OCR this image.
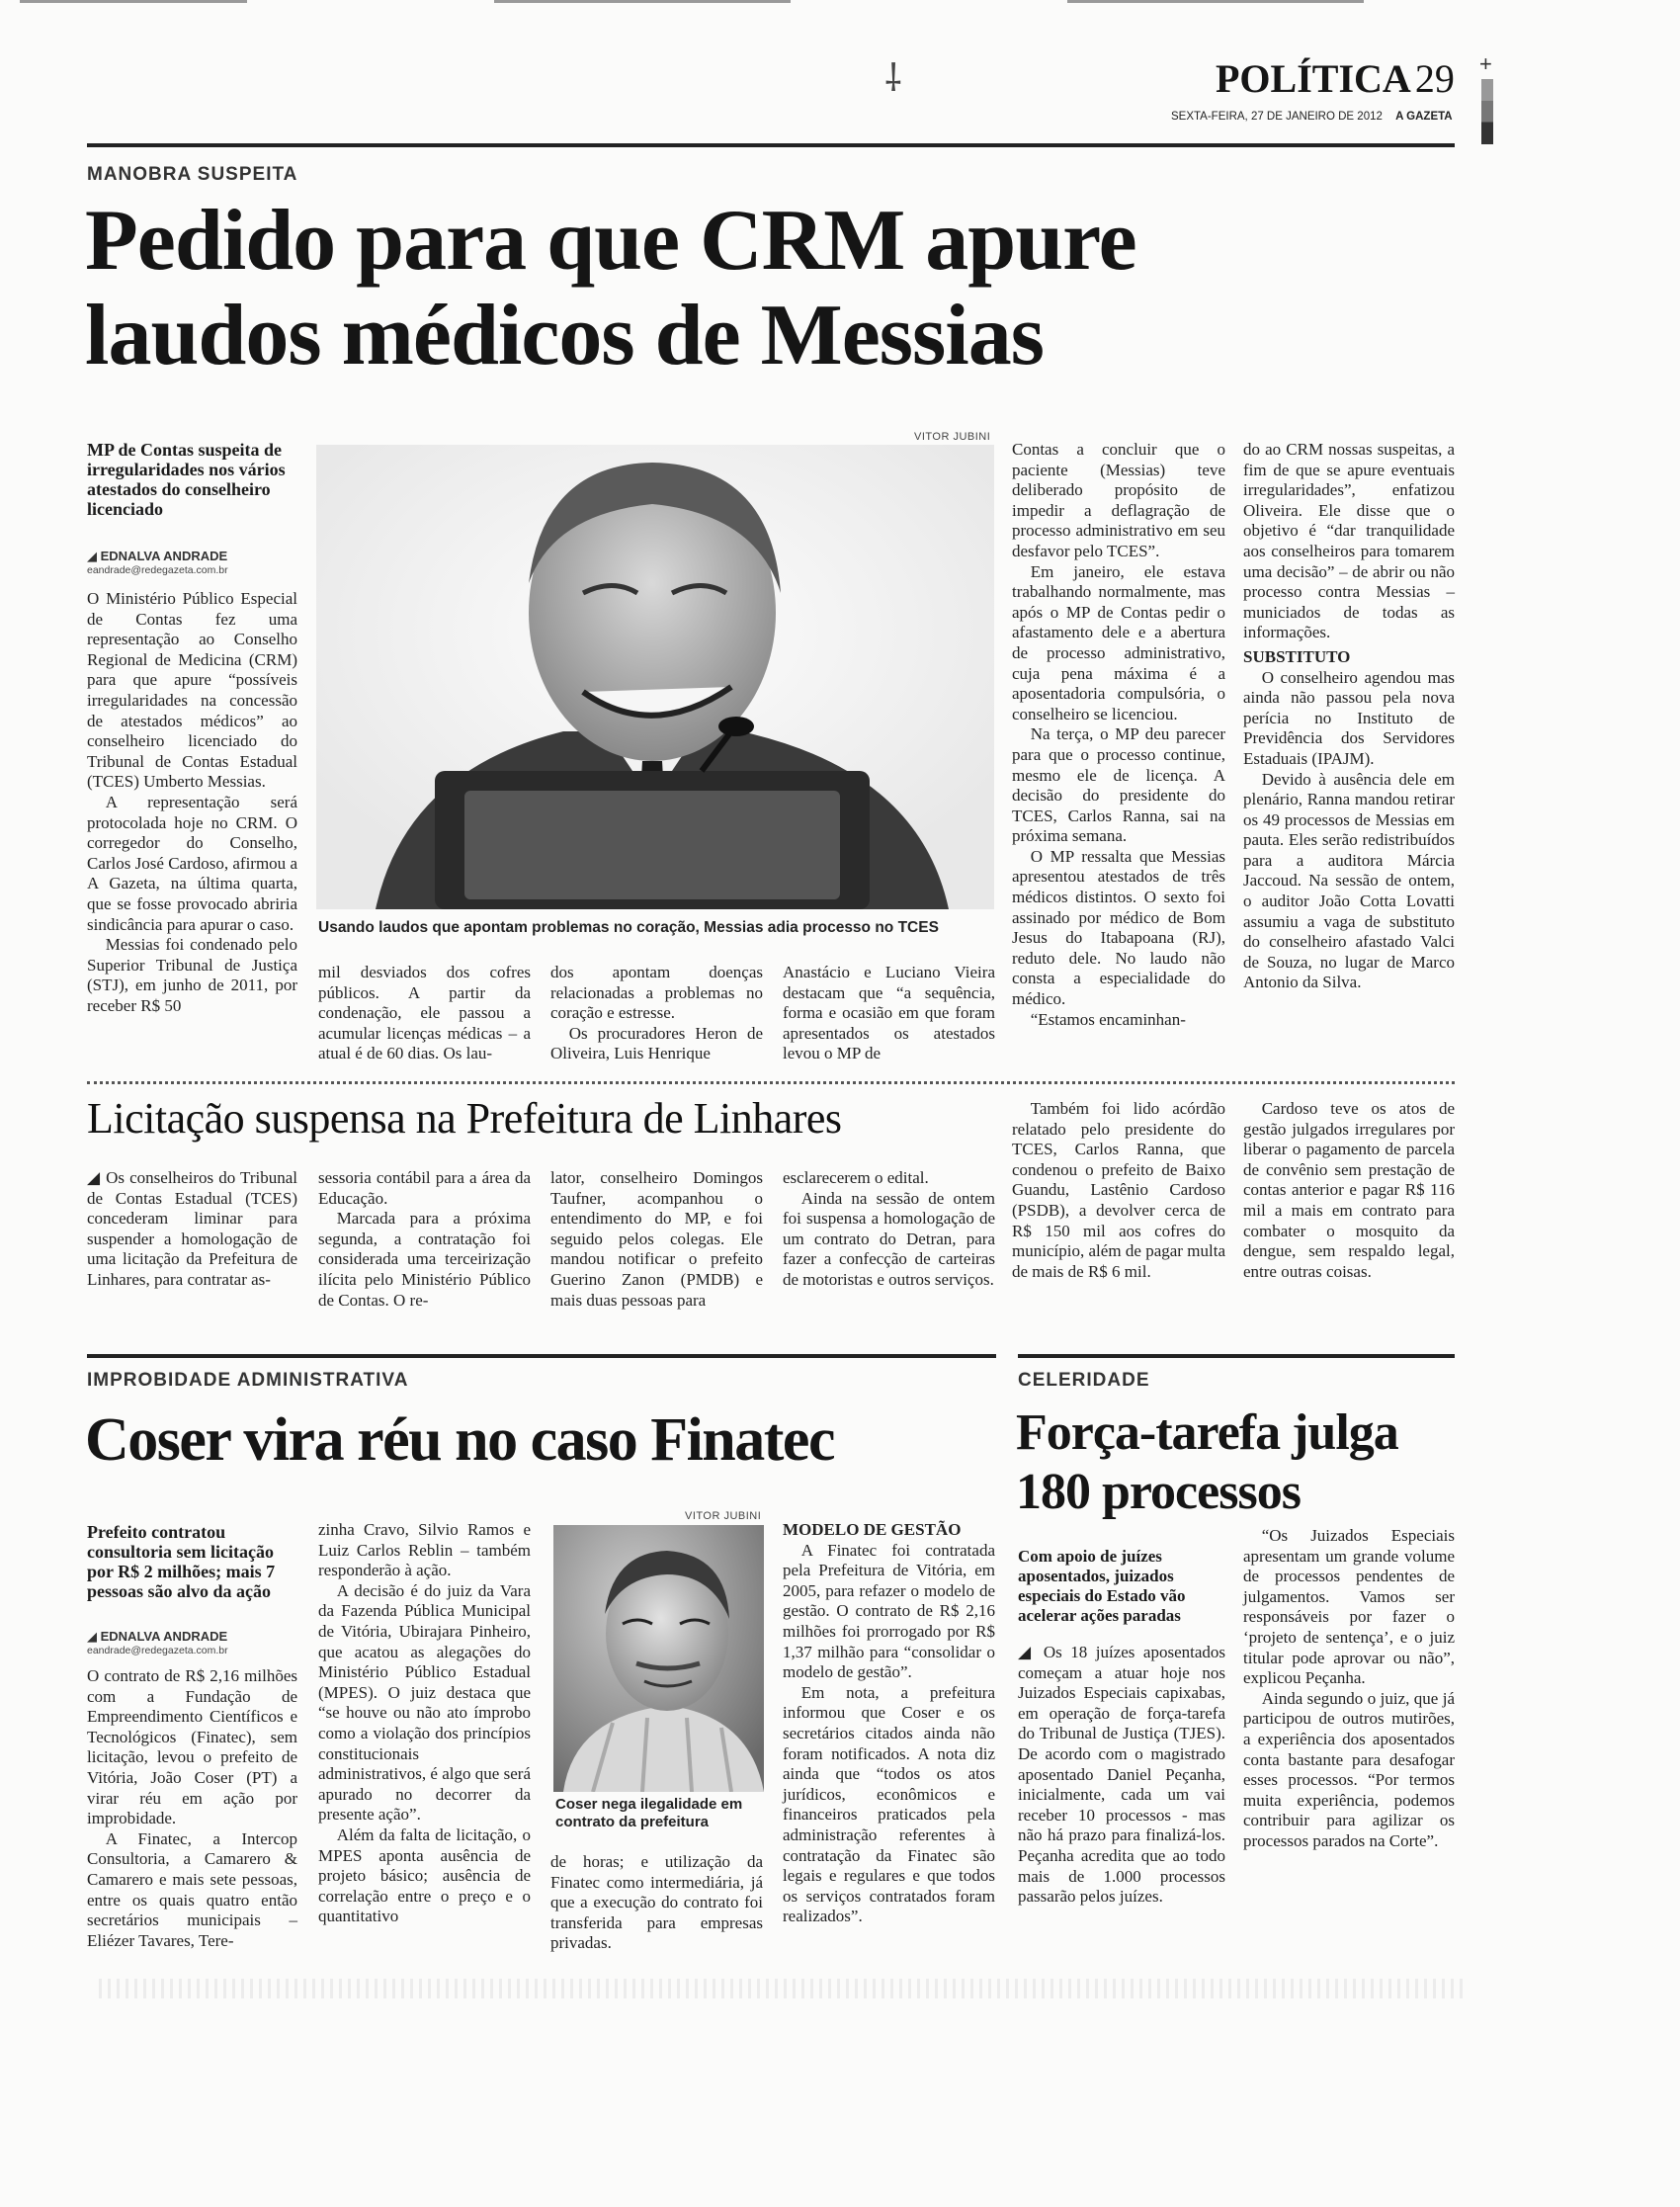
⸸	POLÍTICA 29
SEXTA-FEIRA, 27 DE JANEIRO DE 2012 A GAZETA
+
MANOBRA SUSPEITA
Pedido para que CRM apure laudos médicos de Messias
MP de Contas suspeita de irregularidades nos vários atestados do conselheiro licenciado
◢ EDNALVA ANDRADE
eandrade@redegazeta.com.br

O Ministério Público Especial de Contas fez uma representação ao Conselho Regional de Medicina (CRM) para que apure “possíveis irregularidades na concessão de atestados médicos” ao conselheiro licenciado do Tribunal de Contas Estadual (TCES) Umberto Messias.

A representação será protocolada hoje no CRM. O corregedor do Conselho, Carlos José Cardoso, afirmou a A Gazeta, na última quarta, que se fosse provocado abriria sindicância para apurar o caso.

Messias foi condenado pelo Superior Tribunal de Justiça (STJ), em junho de 2011, por receber R$ 50

VITOR JUBINI
Usando laudos que apontam problemas no coração, Messias adia processo no TCES

mil desviados dos cofres públicos. A partir da condenação, ele passou a acumular licenças médicas – a atual é de 60 dias. Os lau-

dos apontam doenças relacionadas a problemas no coração e estresse.

Os procuradores Heron de Oliveira, Luis Henrique

Anastácio e Luciano Vieira destacam que “a sequência, forma e ocasião em que foram apresentados os atestados levou o MP de

Contas a concluir que o paciente (Messias) teve deliberado propósito de impedir a deflagração de processo administrativo em seu desfavor pelo TCES”.

Em janeiro, ele estava trabalhando normalmente, mas após o MP de Contas pedir o afastamento dele e a abertura de processo administrativo, cuja pena máxima é a aposentadoria compulsória, o conselheiro se licenciou.

Na terça, o MP deu parecer para que o processo continue, mesmo ele de licença. A decisão do presidente do TCES, Carlos Ranna, sai na próxima semana.

O MP ressalta que Messias apresentou atestados de três médicos distintos. O sexto foi assinado por médico de Bom Jesus do Itabapoana (RJ), reduto dele. No laudo não consta a especialidade do médico.

“Estamos encaminhan-

do ao CRM nossas suspeitas, a fim de que se apure eventuais irregularidades”, enfatizou Oliveira. Ele disse que o objetivo é “dar tranquilidade aos conselheiros para tomarem uma decisão” – de abrir ou não processo contra Messias – municiados de todas as informações.

SUBSTITUTO

O conselheiro agendou mas ainda não passou pela nova perícia no Instituto de Previdência dos Servidores Estaduais (IPAJM).

Devido à ausência dele em plenário, Ranna mandou retirar os 49 processos de Messias em pauta. Eles serão redistribuídos para a auditora Márcia Jaccoud. Na sessão de ontem, o auditor João Cotta Lovatti assumiu a vaga de substituto do conselheiro afastado Valci de Souza, no lugar de Marco Antonio da Silva.

Licitação suspensa na Prefeitura de Linhares

◢ Os conselheiros do Tribunal de Contas Estadual (TCES) concederam liminar para suspender a homologação de uma licitação da Prefeitura de Linhares, para contratar as-

sessoria contábil para a área da Educação.

Marcada para a próxima segunda, a contratação foi considerada uma terceirização ilícita pelo Ministério Público de Contas. O re-

lator, conselheiro Domingos Taufner, acompanhou o entendimento do MP, e foi seguido pelos colegas. Ele mandou notificar o prefeito Guerino Zanon (PMDB) e mais duas pessoas para

esclarecerem o edital.

Ainda na sessão de ontem foi suspensa a homologação de um contrato do Detran, para fazer a confecção de carteiras de motoristas e outros serviços.

Também foi lido acórdão relatado pelo presidente do TCES, Carlos Ranna, que condenou o prefeito de Baixo Guandu, Lastênio Cardoso (PSDB), a devolver cerca de R$ 150 mil aos cofres do município, além de pagar multa de mais de R$ 6 mil.

Cardoso teve os atos de gestão julgados irregulares por liberar o pagamento de parcela de convênio sem prestação de contas anterior e pagar R$ 116 mil a mais em contrato para combater o mosquito da dengue, sem respaldo legal, entre outras coisas.

IMPROBIDADE ADMINISTRATIVA
Coser vira réu no caso Finatec
Prefeito contratou consultoria sem licitação por R$ 2 milhões; mais 7 pessoas são alvo da ação
◢ EDNALVA ANDRADE
eandrade@redegazeta.com.br

O contrato de R$ 2,16 milhões com a Fundação de Empreendimento Científicos e Tecnológicos (Finatec), sem licitação, levou o prefeito de Vitória, João Coser (PT) a virar réu em ação por improbidade.

A Finatec, a Intercop Consultoria, a Camarero & Camarero e mais sete pessoas, entre os quais quatro então secretários municipais – Eliézer Tavares, Tere-

zinha Cravo, Silvio Ramos e Luiz Carlos Reblin – também responderão à ação.

A decisão é do juiz da Vara da Fazenda Pública Municipal de Vitória, Ubirajara Pinheiro, que acatou as alegações do Ministério Público Estadual (MPES). O juiz destaca que “se houve ou não ato ímprobo como a violação dos princípios constitucionais administrativos, é algo que será apurado no decorrer da presente ação”.

Além da falta de licitação, o MPES aponta ausência de projeto básico; ausência de correlação entre o preço e o quantitativo

VITOR JUBINI
Coser nega ilegalidade em contrato da prefeitura

de horas; e utilização da Finatec como intermediária, já que a execução do contrato foi transferida para empresas privadas.

MODELO DE GESTÃO

A Finatec foi contratada pela Prefeitura de Vitória, em 2005, para refazer o modelo de gestão. O contrato de R$ 2,16 milhões foi prorrogado por R$ 1,37 milhão para “consolidar o modelo de gestão”.

Em nota, a prefeitura informou que Coser e os secretários citados ainda não foram notificados. A nota diz ainda que “todos os atos jurídicos, econômicos e financeiros praticados pela administração referentes à contratação da Finatec são legais e regulares e que todos os serviços contratados foram realizados”.

CELERIDADE
Força-tarefa julga 180 processos
Com apoio de juízes aposentados, juizados especiais do Estado vão acelerar ações paradas

◢ Os 18 juízes aposentados começam a atuar hoje nos Juizados Especiais capixabas, em operação de força-tarefa do Tribunal de Justiça (TJES). De acordo com o magistrado aposentado Daniel Peçanha, inicialmente, cada um vai receber 10 processos - mas não há prazo para finalizá-los. Peçanha acredita que ao todo mais de 1.000 processos passarão pelos juízes.

“Os Juizados Especiais apresentam um grande volume de processos pendentes de julgamentos. Vamos ser responsáveis por fazer o ‘projeto de sentença’, e o juiz titular pode aprovar ou não”, explicou Peçanha.

Ainda segundo o juiz, que já participou de outros mutirões, a experiência dos aposentados conta bastante para desafogar esses processos. “Por termos muita experiência, podemos contribuir para agilizar os processos parados na Corte”.
